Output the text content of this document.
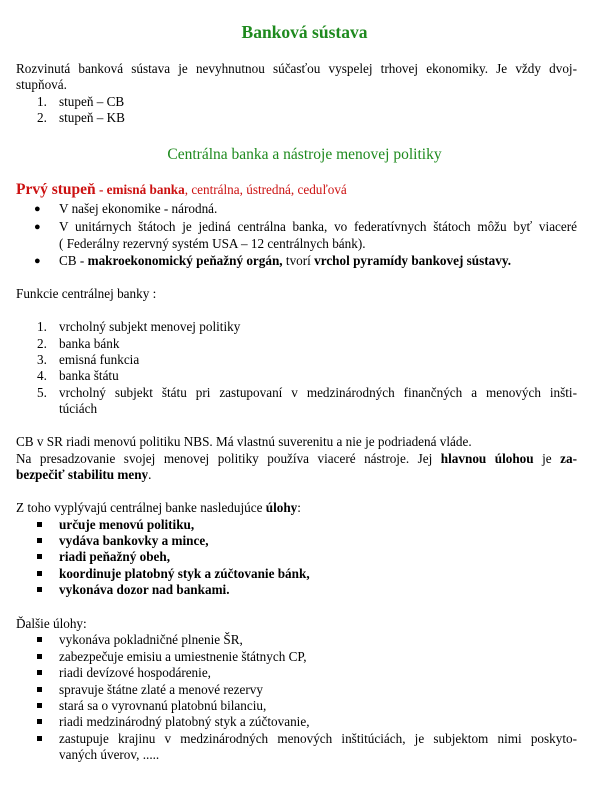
Banková sústava
Rozvinutá banková sústava je nevyhnutnou súčasťou vyspelej trhovej ekonomiky. Je vždy dvoj-
stupňová.
1. stupeň – CB
2. stupeň – KB
Centrálna banka a nástroje menovej politiky
Prvý stupeň - emisná banka, centrálna, ústredná, ceduľová
● V našej ekonomike - národná.
● V unitárnych štátoch je jediná centrálna banka, vo federatívnych štátoch môžu byť viaceré
( Federálny rezervný systém USA – 12 centrálnych bánk).
● CB - makroekonomický peňažný orgán, tvorí vrchol pyramídy bankovej sústavy.
Funkcie centrálnej banky :
1. vrcholný subjekt menovej politiky
2. banka bánk
3. emisná funkcia
4. banka štátu
5. vrcholný subjekt štátu pri zastupovaní v medzinárodných finančných a menových inšti-
túciách
CB v SR riadi menovú politiku NBS. Má vlastnú suverenitu a nie je podriadená vláde.
Na presadzovanie svojej menovej politiky používa viaceré nástroje. Jej hlavnou úlohou je za-
bezpečiť stabilitu meny.
Z toho vyplývajú centrálnej banke nasledujúce úlohy:
určuje menovú politiku,
vydáva bankovky a mince,
riadi peňažný obeh,
koordinuje platobný styk a zúčtovanie bánk,
vykonáva dozor nad bankami.
Ďalšie úlohy:
vykonáva pokladničné plnenie ŠR,
zabezpečuje emisiu a umiestnenie štátnych CP,
riadi devízové hospodárenie,
spravuje štátne zlaté a menové rezervy
stará sa o vyrovnanú platobnú bilanciu,
riadi medzinárodný platobný styk a zúčtovanie,
zastupuje krajinu v medzinárodných menových inštitúciách, je subjektom nimi poskyto-
vaných úverov, .....
